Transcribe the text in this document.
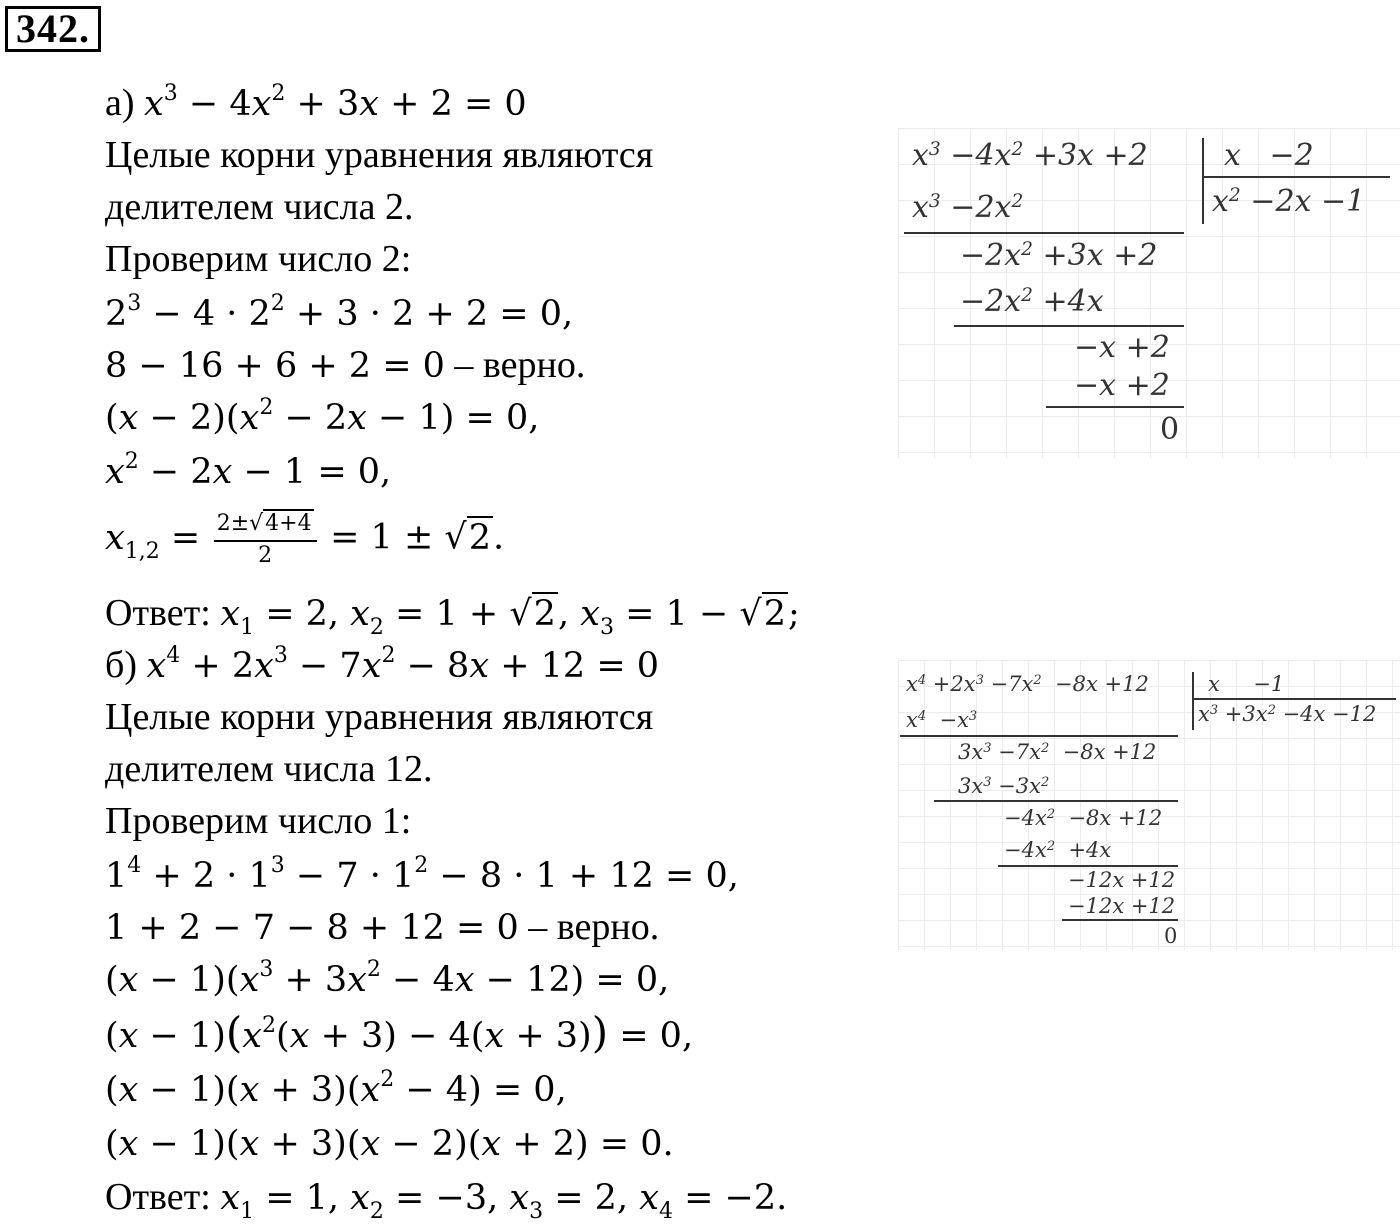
342.
а) $x^3 - 4x^2 + 3x + 2 = 0$
Целые корни уравнения являются
делителем числа 2.
Проверим число 2:
$2^3 - 4 \cdot 2^2 + 3 \cdot 2 + 2 = 0$,
8 − 16 + 6 + 2 = 0 – верно.
$(x - 2)(x^2 - 2x - 1) = 0$,
$x^2 - 2x - 1 = 0$,
$x_{1,2} = \frac{2\pm√4+4}{2} = 1 \pm √2$.
Ответ: $x_1 = 2$, $x_2 = 1 + √2$, $x_3 = 1 - √2$;
б) $x^4 + 2x^3 - 7x^2 - 8x + 12 = 0$
Целые корни уравнения являются
делителем числа 12.
Проверим число 1:
$1^4 + 2 \cdot 1^3 - 7 \cdot 1^2 - 8 \cdot 1 + 12 = 0$,
1 + 2 − 7 − 8 + 12 = 0 – верно.
$(x - 1)(x^3 + 3x^2 - 4x - 12) = 0$,
$(x - 1)(x^2(x + 3) - 4(x + 3)) = 0$,
$(x - 1)(x + 3)(x^2 - 4) = 0$,
(x − 1)(x + 3)(x − 2)(x + 2) = 0.
Ответ: $x_1 = 1$, $x_2 = -3$, $x_3 = 2$, $x_4 = -2$.
$x^3 -4x^2 +3x +2$	x   −2
$x^2 -2x -1$
$x^3 -2x^2$
$-2x^2 +3x +2$
$-2x^2 +4x$
−x +2
−x +2
0
$x^4 +2x^3 -7x^2 -8x +12$	x     −1
$x^3 +3x^2 -4x -12$
$x^4 -x^3$
$3x^3 -7x^2 -8x +12$
$3x^3 -3x^2$
$-4x^2 -8x +12$
$-4x^2 +4x$
−12x +12
−12x +12
0
